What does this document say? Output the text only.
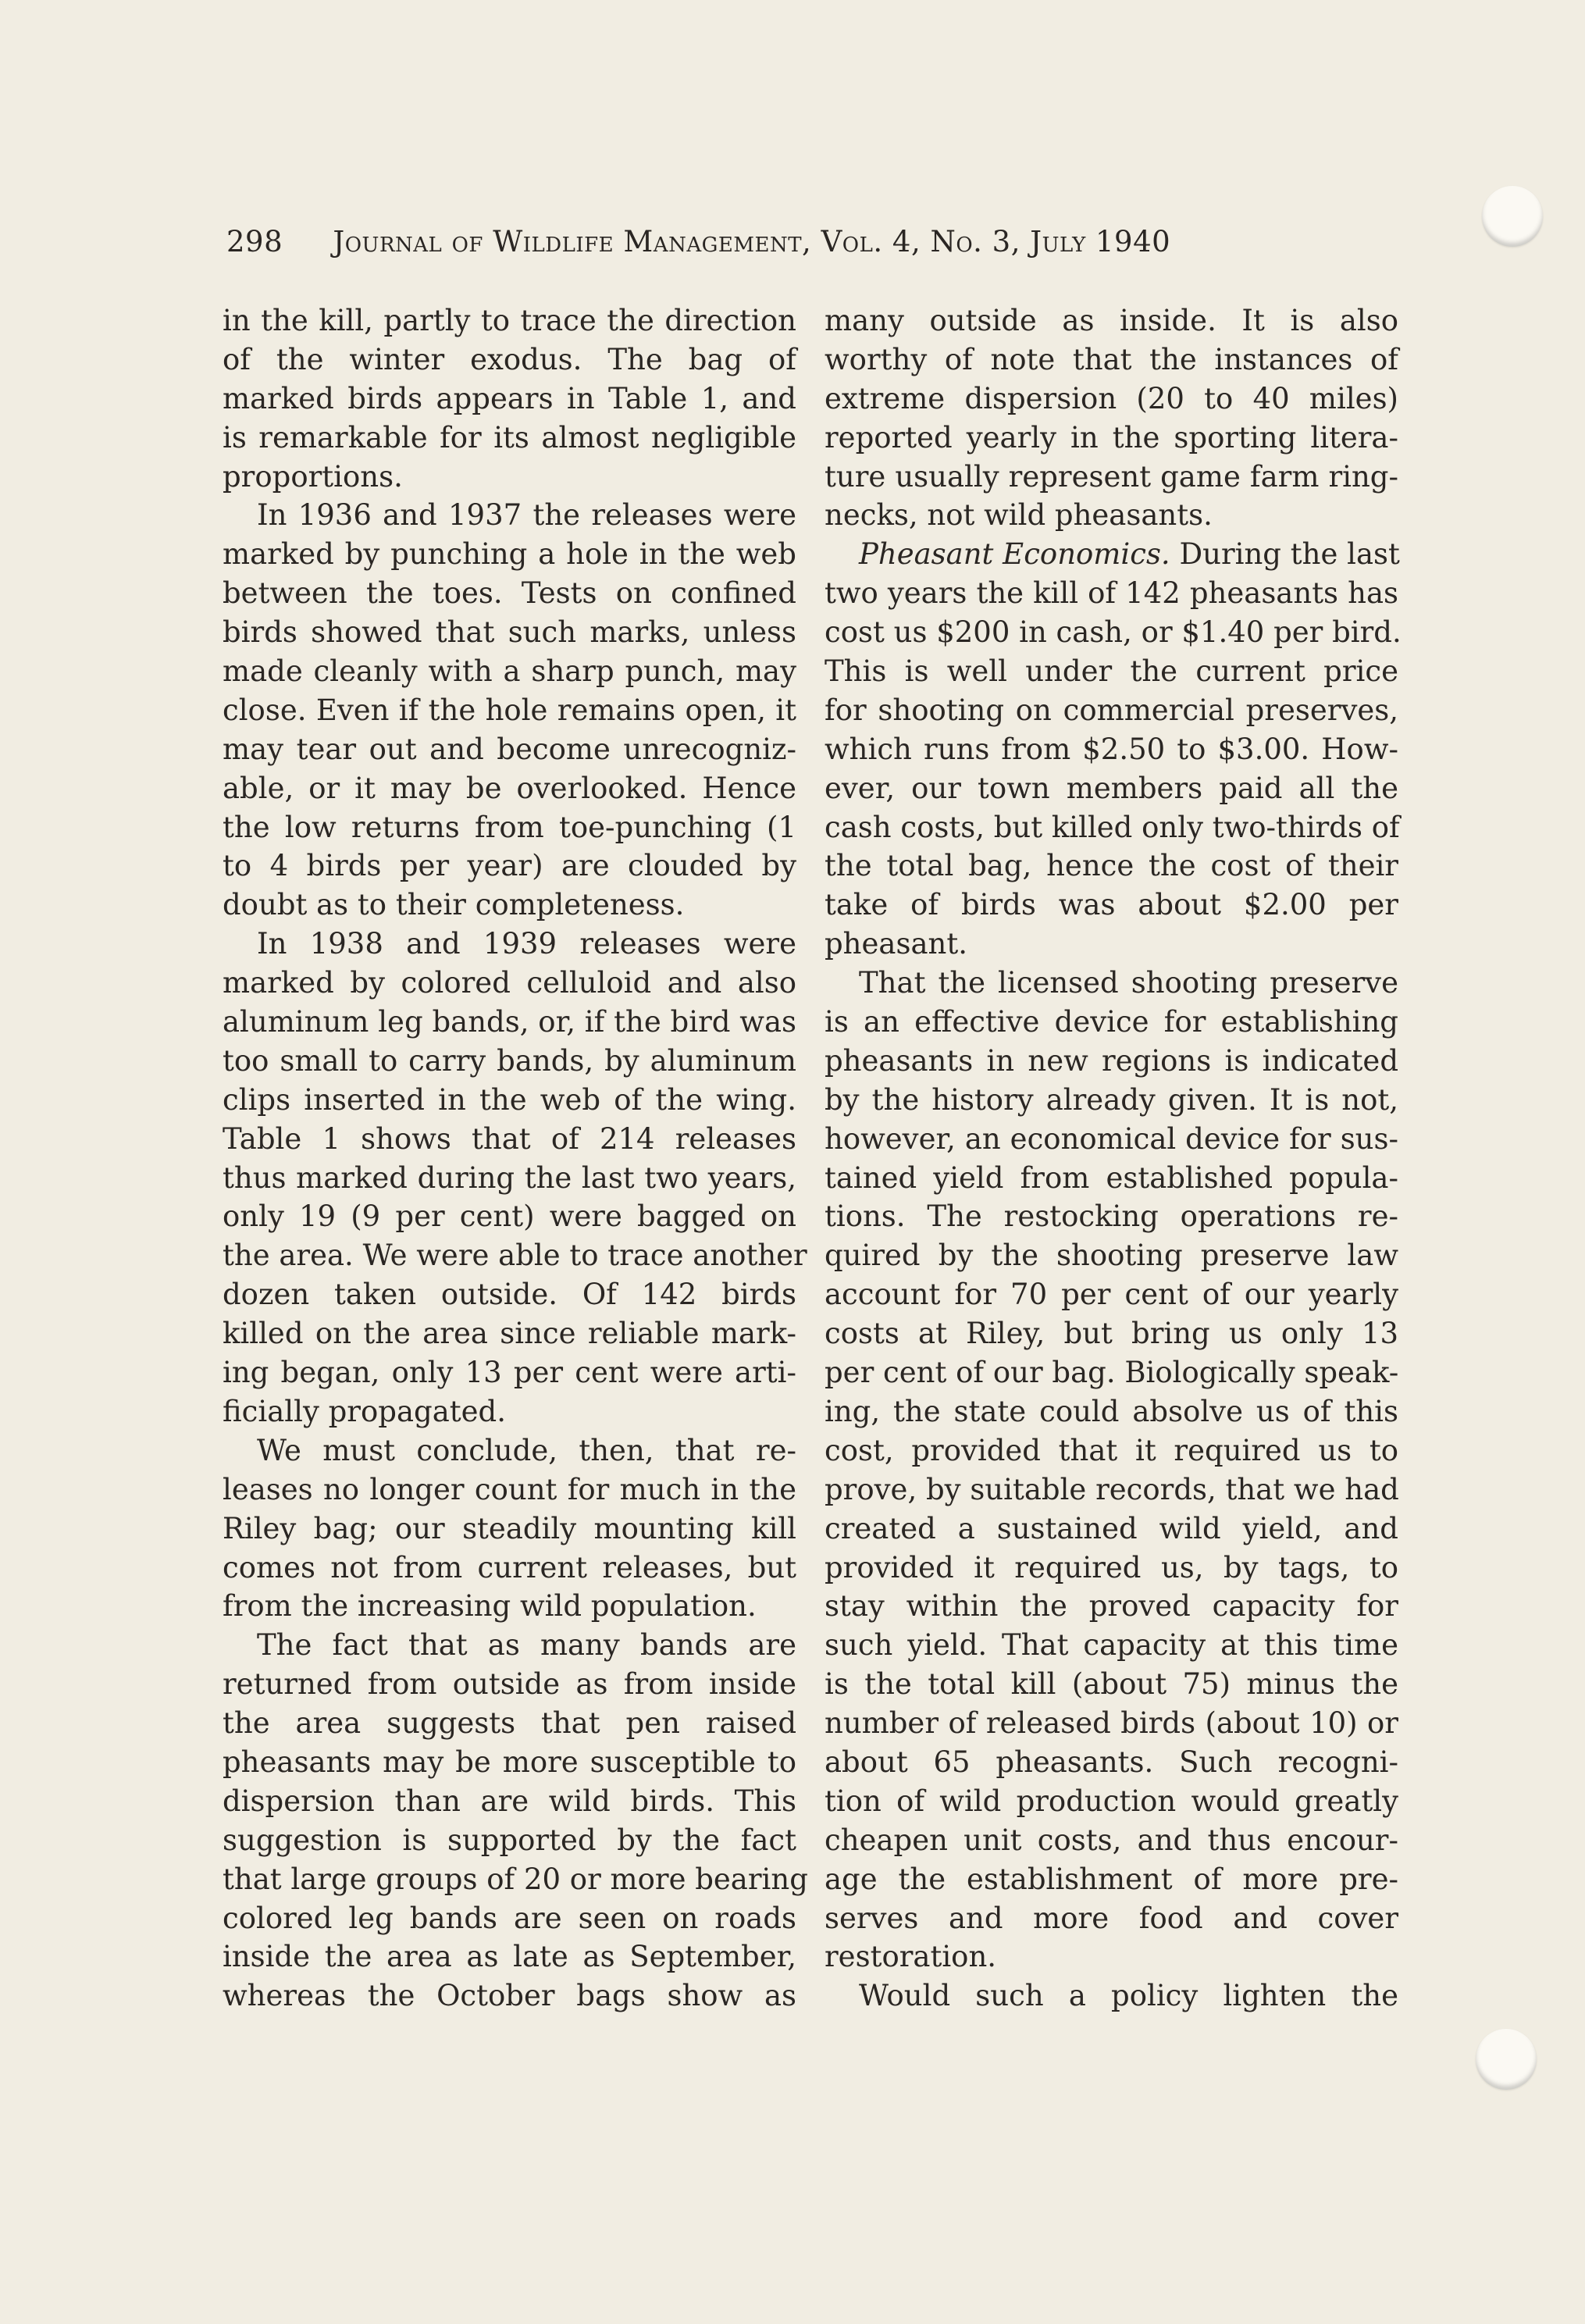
298 Journal of Wildlife Management, Vol. 4, No. 3, July 1940
in the kill, partly to trace the direction
of the winter exodus. The bag of
marked birds appears in Table 1, and
is remarkable for its almost negligible
proportions.
In 1936 and 1937 the releases were
marked by punching a hole in the web
between the toes. Tests on confined
birds showed that such marks, unless
made cleanly with a sharp punch, may
close. Even if the hole remains open, it
may tear out and become unrecogniz-
able, or it may be overlooked. Hence
the low returns from toe-punching (1
to 4 birds per year) are clouded by
doubt as to their completeness.
In 1938 and 1939 releases were
marked by colored celluloid and also
aluminum leg bands, or, if the bird was
too small to carry bands, by aluminum
clips inserted in the web of the wing.
Table 1 shows that of 214 releases
thus marked during the last two years,
only 19 (9 per cent) were bagged on
the area. We were able to trace another
dozen taken outside. Of 142 birds
killed on the area since reliable mark-
ing began, only 13 per cent were arti-
ficially propagated.
We must conclude, then, that re-
leases no longer count for much in the
Riley bag; our steadily mounting kill
comes not from current releases, but
from the increasing wild population.
The fact that as many bands are
returned from outside as from inside
the area suggests that pen raised
pheasants may be more susceptible to
dispersion than are wild birds. This
suggestion is supported by the fact
that large groups of 20 or more bearing
colored leg bands are seen on roads
inside the area as late as September,
whereas the October bags show as
many outside as inside. It is also
worthy of note that the instances of
extreme dispersion (20 to 40 miles)
reported yearly in the sporting litera-
ture usually represent game farm ring-
necks, not wild pheasants.
Pheasant Economics. During the last
two years the kill of 142 pheasants has
cost us $200 in cash, or $1.40 per bird.
This is well under the current price
for shooting on commercial preserves,
which runs from $2.50 to $3.00. How-
ever, our town members paid all the
cash costs, but killed only two-thirds of
the total bag, hence the cost of their
take of birds was about $2.00 per
pheasant.
That the licensed shooting preserve
is an effective device for establishing
pheasants in new regions is indicated
by the history already given. It is not,
however, an economical device for sus-
tained yield from established popula-
tions. The restocking operations re-
quired by the shooting preserve law
account for 70 per cent of our yearly
costs at Riley, but bring us only 13
per cent of our bag. Biologically speak-
ing, the state could absolve us of this
cost, provided that it required us to
prove, by suitable records, that we had
created a sustained wild yield, and
provided it required us, by tags, to
stay within the proved capacity for
such yield. That capacity at this time
is the total kill (about 75) minus the
number of released birds (about 10) or
about 65 pheasants. Such recogni-
tion of wild production would greatly
cheapen unit costs, and thus encour-
age the establishment of more pre-
serves and more food and cover
restoration.
Would such a policy lighten the
